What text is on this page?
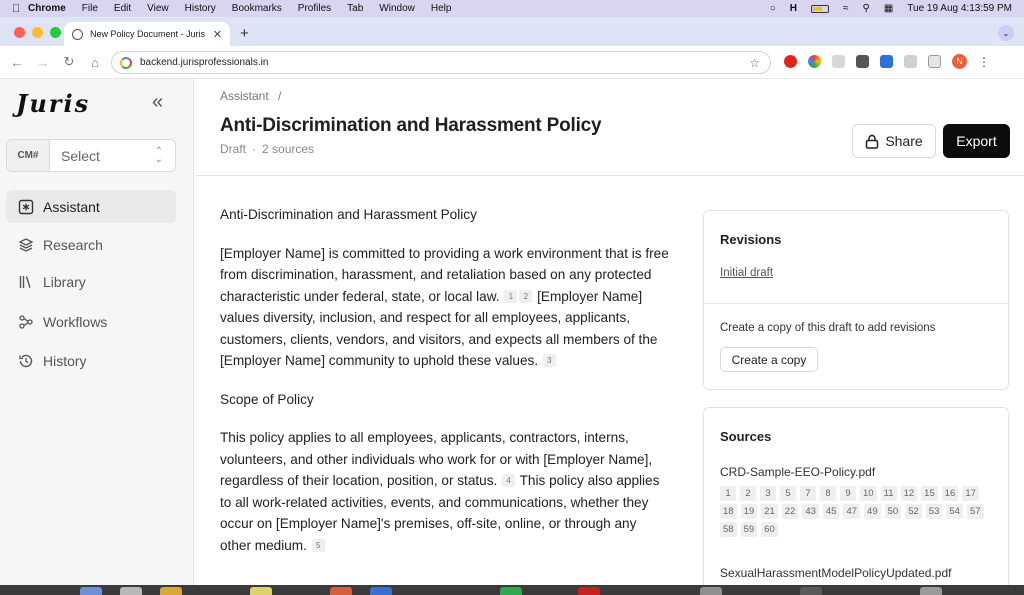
Chrome File Edit View History Bookmarks Profiles Tab Window Help	○ H	≈ ⚲ ▦ Tue 19 Aug 4:13:59 PM
New Policy Document - Juris ✕ +	⌄
←	→	↻	⌂	backend.jurisprofessionals.in	☆	N	⋮
Juris	«
CM#	Select	⌃
⌄
Assistant
Research
Library
Workflows
History
Assistant /
Anti-Discrimination and Harassment Policy
Draft · 2 sources	Share	Export
Anti-Discrimination and Harassment Policy

[Employer Name] is committed to providing a work environment that is free from discrimination, harassment, and retaliation based on any protected characteristic under federal, state, or local law. 1 2 [Employer Name] values diversity, inclusion, and respect for all employees, applicants, customers, clients, vendors, and visitors, and expects all members of the [Employer Name] community to uphold these values. 3

Scope of Policy

This policy applies to all employees, applicants, contractors, interns, volunteers, and other individuals who work for or with [Employer Name], regardless of their location, position, or status. 4 This policy also applies to all work-related activities, events, and communications, whether they occur on [Employer Name]'s premises, off-site, online, or through any other medium. 5

Revisions
Initial draft
Create a copy of this draft to add revisions
Create a copy
Sources
CRD-Sample-EEO-Policy.pdf
1	2	3	5	7	8	9	10	11	12	15	16	17
18	19	21	22	43	45	47	49	50	52	53	54	57
58	59	60
SexualHarassmentModelPolicyUpdated.pdf
